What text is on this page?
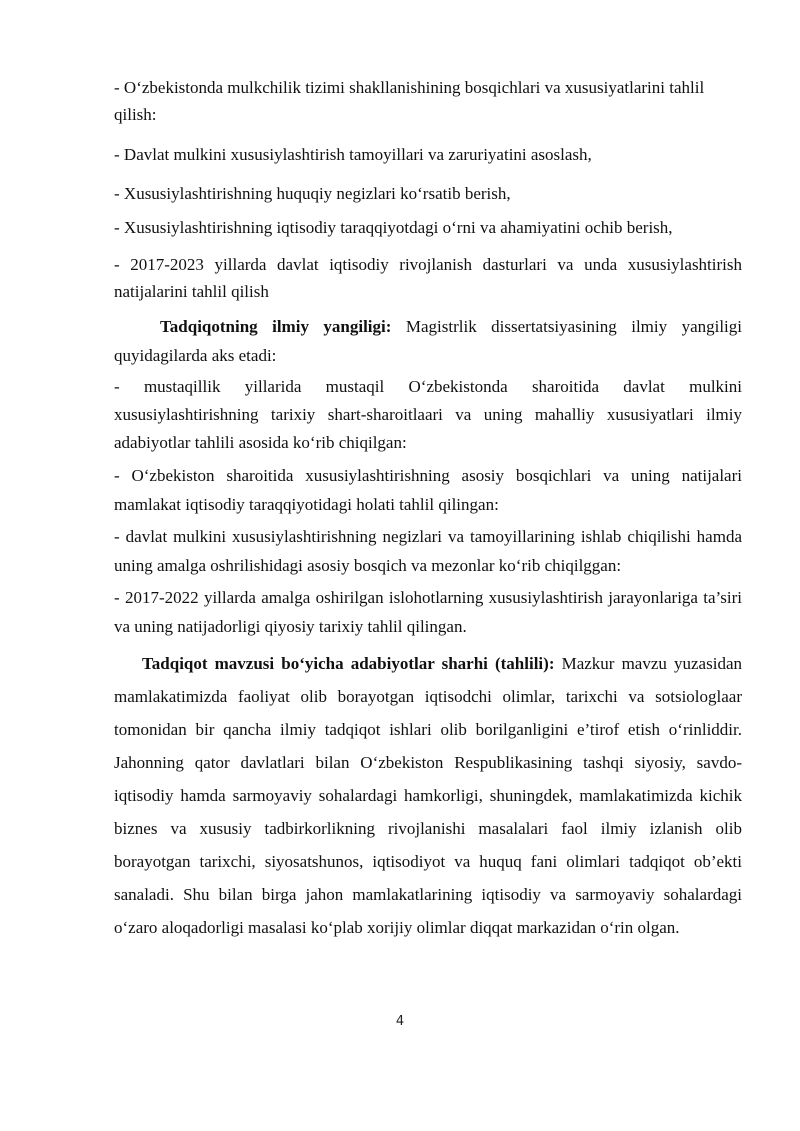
- O‘zbekistonda mulkchilik tizimi shakllanishining bosqichlari va xususiyatlarini tahlil qilish:

- Davlat mulkini xususiylashtirish tamoyillari va zaruriyatini asoslash,

- Xususiylashtirishning huquqiy negizlari ko‘rsatib berish,

- Xususiylashtirishning iqtisodiy taraqqiyotdagi o‘rni va ahamiyatini ochib berish,

- 2017-2023 yillarda davlat iqtisodiy rivojlanish dasturlari va unda xususiylashtirish natijalarini tahlil qilish

Tadqiqotning ilmiy yangiligi: Magistrlik dissertatsiyasining ilmiy yangiligi quyidagilarda aks etadi:

- mustaqillik yillarida mustaqil O‘zbekistonda sharoitida davlat mulkini xususiylashtirishning tarixiy shart-sharoitlaari va uning mahalliy xususiyatlari ilmiy adabiyotlar tahlili asosida ko‘rib chiqilgan:

- O‘zbekiston sharoitida xususiylashtirishning asosiy bosqichlari va uning natijalari mamlakat iqtisodiy taraqqiyotidagi holati tahlil qilingan:

- davlat mulkini xususiylashtirishning negizlari va tamoyillarining ishlab chiqilishi hamda uning amalga oshrilishidagi asosiy bosqich va mezonlar ko‘rib chiqilggan:

- 2017-2022 yillarda amalga oshirilgan islohotlarning xususiylashtirish jarayonlariga ta’siri va uning natijadorligi qiyosiy tarixiy tahlil qilingan.

Tadqiqot mavzusi bo‘yicha adabiyotlar sharhi (tahlili): Mazkur mavzu yuzasidan mamlakatimizda faoliyat olib borayotgan iqtisodchi olimlar, tarixchi va sotsiologlaar tomonidan bir qancha ilmiy tadqiqot ishlari olib borilganligini e’tirof etish o‘rinliddir. Jahonning qator davlatlari bilan O‘zbekiston Respublikasining tashqi siyosiy, savdo-iqtisodiy hamda sarmoyaviy sohalardagi hamkorligi, shuningdek, mamlakatimizda kichik biznes va xususiy tadbirkorlikning rivojlanishi masalalari faol ilmiy izlanish olib borayotgan tarixchi, siyosatshunos, iqtisodiyot va huquq fani olimlari tadqiqot ob’ekti sanaladi. Shu bilan birga jahon mamlakatlarining iqtisodiy va sarmoyaviy sohalardagi o‘zaro aloqadorligi masalasi ko‘plab xorijiy olimlar diqqat markazidan o‘rin olgan.

4
